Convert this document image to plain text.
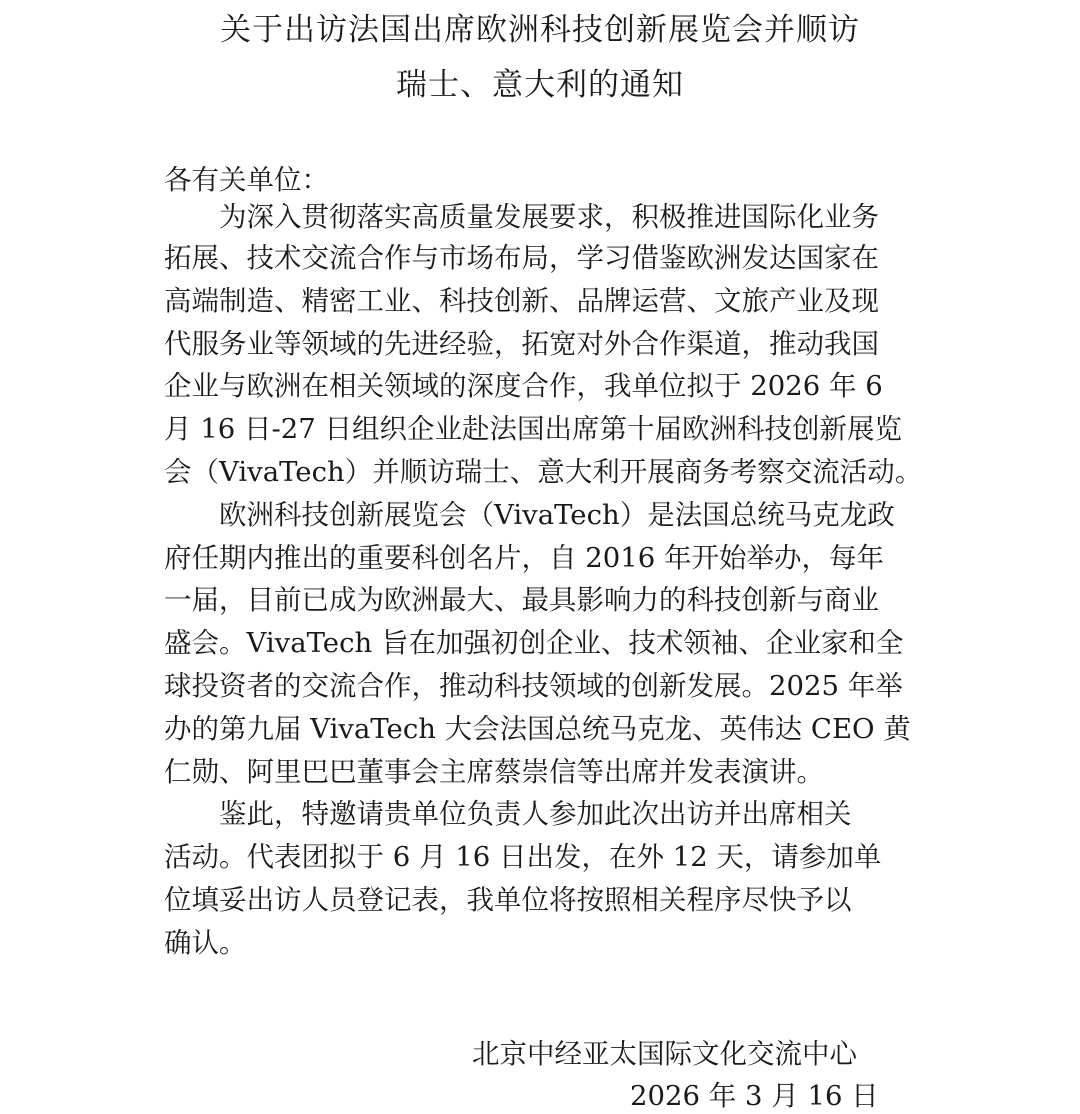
关于出访法国出席欧洲科技创新展览会并顺访
瑞士、意大利的通知
各有关单位：
为深入贯彻落实高质量发展要求，积极推进国际化业务
拓展、技术交流合作与市场布局，学习借鉴欧洲发达国家在
高端制造、精密工业、科技创新、品牌运营、文旅产业及现
代服务业等领域的先进经验，拓宽对外合作渠道，推动我国
企业与欧洲在相关领域的深度合作，我单位拟于 2026 年 6
月 16 日-27 日组织企业赴法国出席第十届欧洲科技创新展览
会（VivaTech）并顺访瑞士、意大利开展商务考察交流活动。
欧洲科技创新展览会（VivaTech）是法国总统马克龙政
府任期内推出的重要科创名片，自 2016 年开始举办，每年
一届，目前已成为欧洲最大、最具影响力的科技创新与商业
盛会。VivaTech 旨在加强初创企业、技术领袖、企业家和全
球投资者的交流合作，推动科技领域的创新发展。2025 年举
办的第九届 VivaTech 大会法国总统马克龙、英伟达 CEO 黄
仁勋、阿里巴巴董事会主席蔡崇信等出席并发表演讲。
鉴此，特邀请贵单位负责人参加此次出访并出席相关
活动。代表团拟于 6 月 16 日出发，在外 12 天，请参加单
位填妥出访人员登记表，我单位将按照相关程序尽快予以
确认。
北京中经亚太国际文化交流中心
2026 年 3 月 16 日
